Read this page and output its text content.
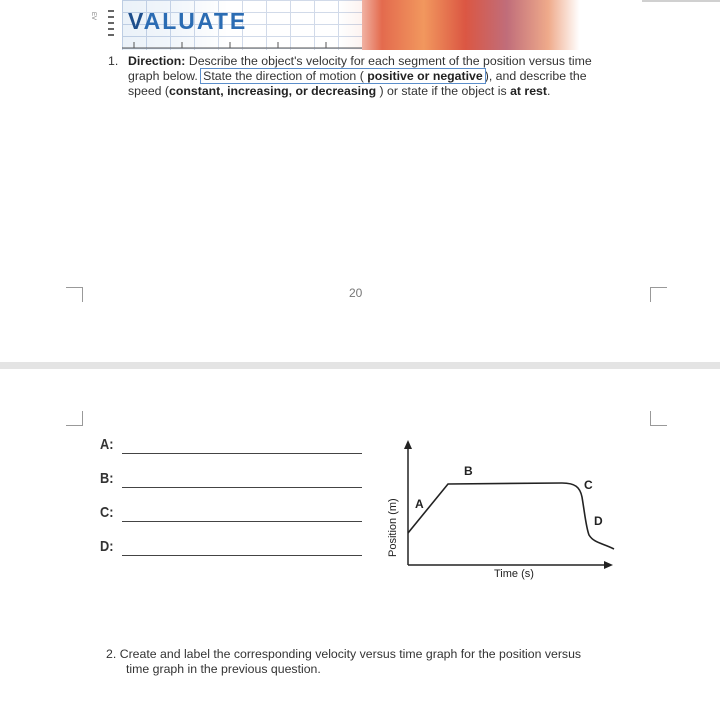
EV VALUATE

1. Direction: Describe the object's velocity for each segment of the position versus time
graph below. State the direction of motion ( positive or negative ), and describe the
speed (constant, increasing, or decreasing ) or state if the object is at rest.
20
A:
B:
C:
D:
A
B
C
D
Position (m)
Time (s)
2. Create and label the corresponding velocity versus time graph for the position versus
time graph in the previous question.
